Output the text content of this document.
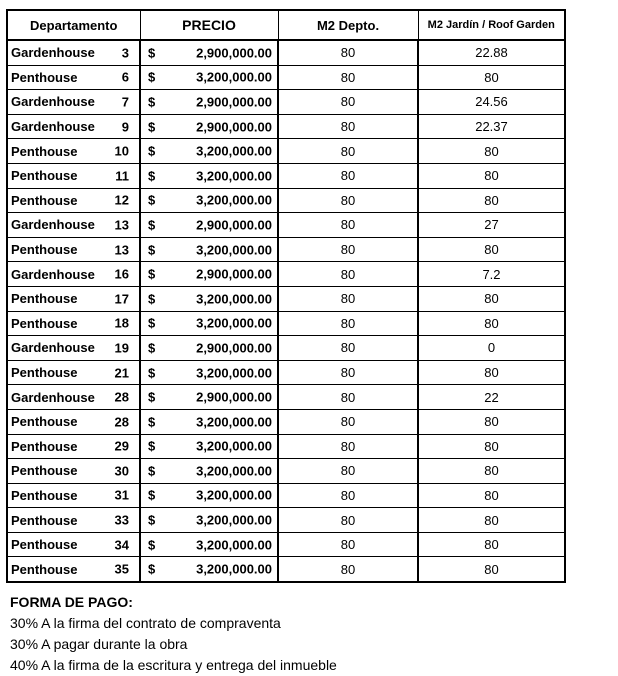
Departamento	PRECIO	M2 Depto.	M2 Jardín / Roof Garden
Gardenhouse 3	$ 2,900,000.00	80	22.88
Penthouse 6	$ 3,200,000.00	80	80
Gardenhouse 7	$ 2,900,000.00	80	24.56
Gardenhouse 9	$ 2,900,000.00	80	22.37
Penthouse 10	$ 3,200,000.00	80	80
Penthouse 11	$ 3,200,000.00	80	80
Penthouse 12	$ 3,200,000.00	80	80
Gardenhouse 13	$ 2,900,000.00	80	27
Penthouse 13	$ 3,200,000.00	80	80
Gardenhouse 16	$ 2,900,000.00	80	7.2
Penthouse 17	$ 3,200,000.00	80	80
Penthouse 18	$ 3,200,000.00	80	80
Gardenhouse 19	$ 2,900,000.00	80	0
Penthouse 21	$ 3,200,000.00	80	80
Gardenhouse 28	$ 2,900,000.00	80	22
Penthouse 28	$ 3,200,000.00	80	80
Penthouse 29	$ 3,200,000.00	80	80
Penthouse 30	$ 3,200,000.00	80	80
Penthouse 31	$ 3,200,000.00	80	80
Penthouse 33	$ 3,200,000.00	80	80
Penthouse 34	$ 3,200,000.00	80	80
Penthouse 35	$ 3,200,000.00	80	80
FORMA DE PAGO:
30% A la firma del contrato de compraventa
30% A pagar durante la obra
40% A la firma de la escritura y entrega del inmueble
